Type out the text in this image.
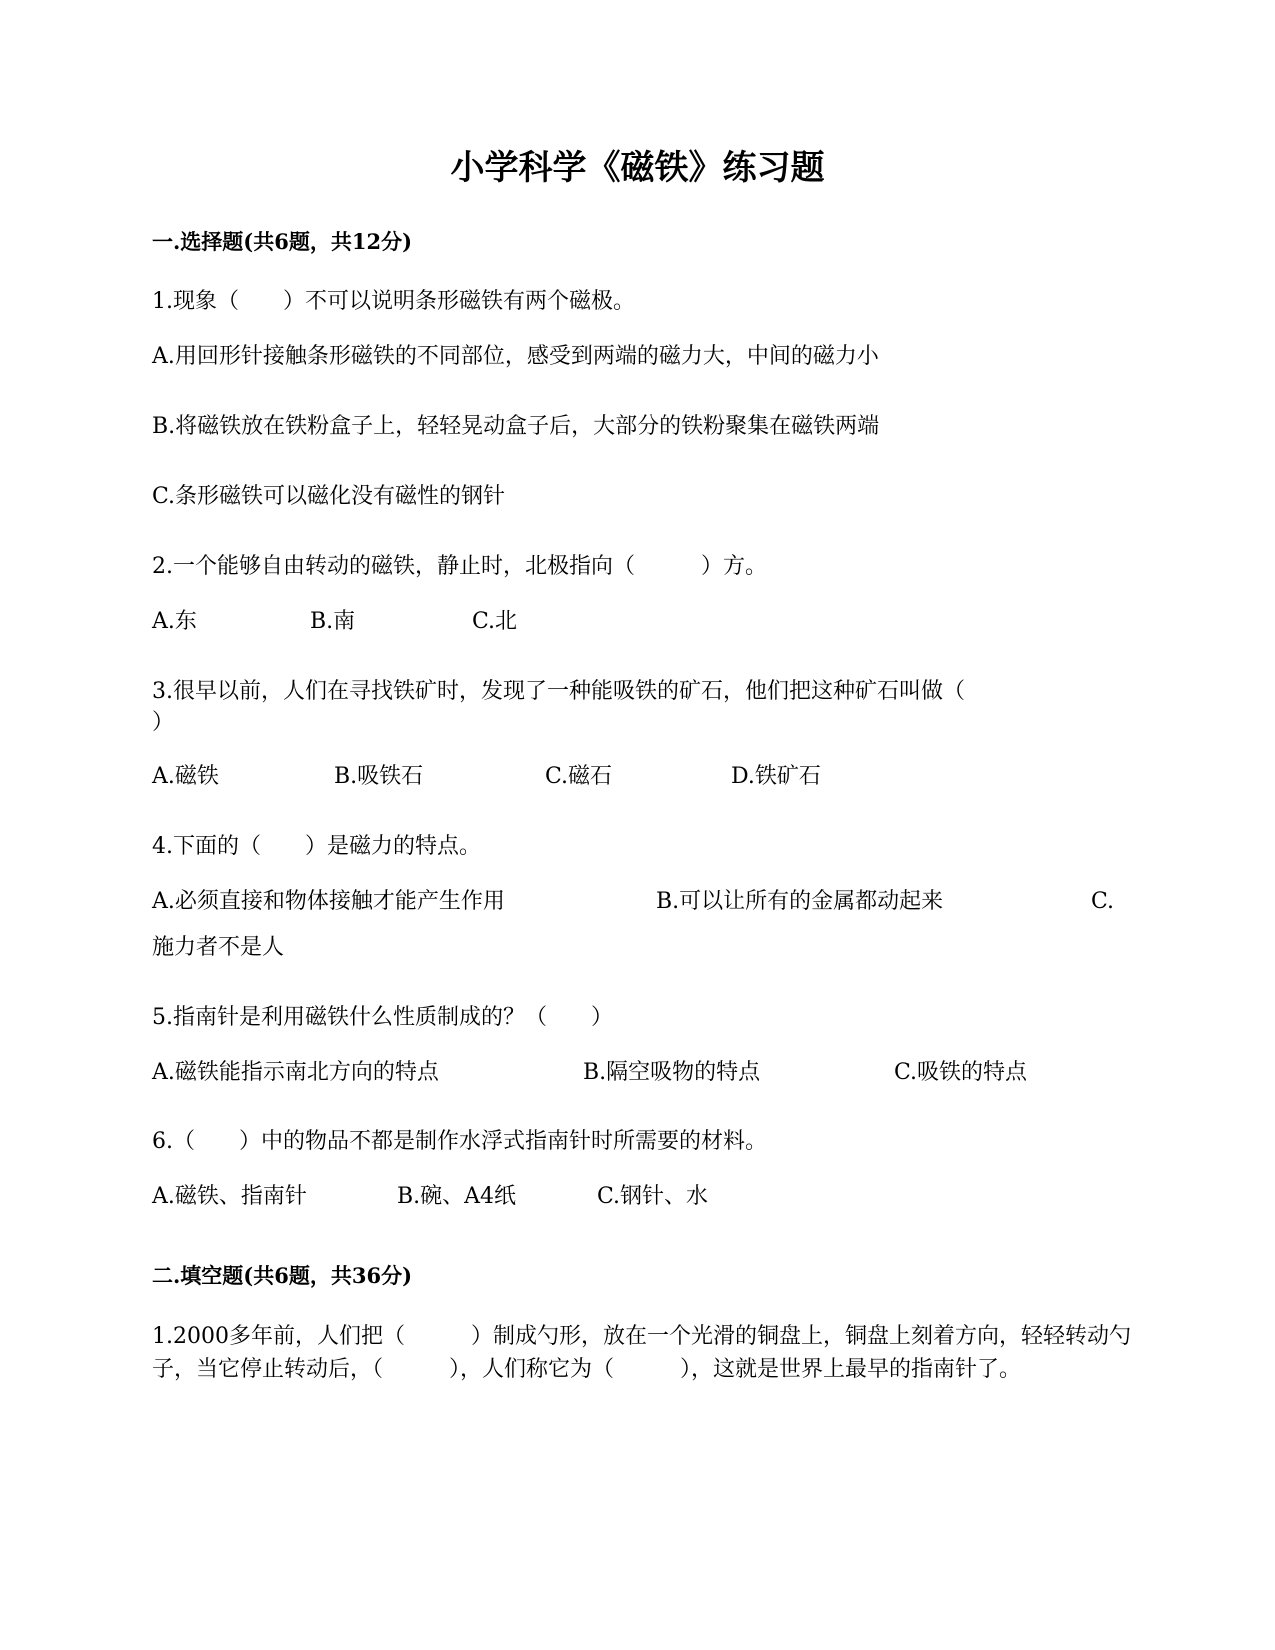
小学科学《磁铁》练习题
一.选择题(共6题，共12分)
1.现象（　　）不可以说明条形磁铁有两个磁极。
A.用回形针接触条形磁铁的不同部位，感受到两端的磁力大，中间的磁力小
B.将磁铁放在铁粉盒子上，轻轻晃动盒子后，大部分的铁粉聚集在磁铁两端
C.条形磁铁可以磁化没有磁性的钢针
2.一个能够自由转动的磁铁，静止时，北极指向（　　　）方。
A.东	B.南	C.北
3.很早以前，人们在寻找铁矿时，发现了一种能吸铁的矿石，他们把这种矿石叫做（
）
A.磁铁	B.吸铁石	C.磁石	D.铁矿石
4.下面的（　　）是磁力的特点。
A.必须直接和物体接触才能产生作用	B.可以让所有的金属都动起来	C.
施力者不是人
5.指南针是利用磁铁什么性质制成的？（　　）
A.磁铁能指示南北方向的特点	B.隔空吸物的特点	C.吸铁的特点
6.（　　）中的物品不都是制作水浮式指南针时所需要的材料。
A.磁铁、指南针	B.碗、A4纸	C.钢针、水
二.填空题(共6题，共36分)
1.2000多年前，人们把（　　　）制成勺形，放在一个光滑的铜盘上，铜盘上刻着方向，轻轻转动勺子，当它停止转动后，（　　　），人们称它为（　　　），这就是世界上最早的指南针了。
